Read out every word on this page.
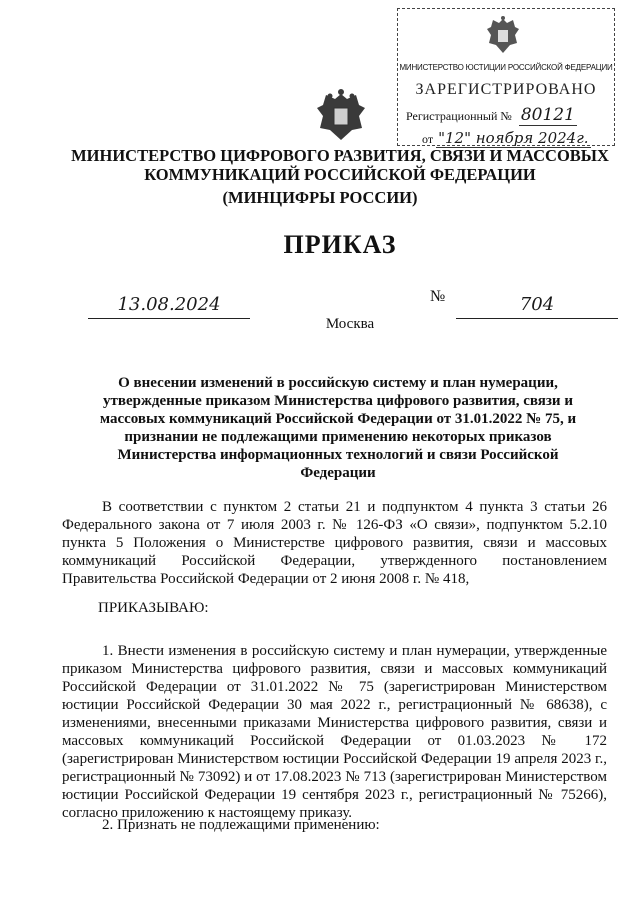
МИНИСТЕРСТВО ЮСТИЦИИ РОССИЙСКОЙ ФЕДЕРАЦИИ
ЗАРЕГИСТРИРОВАНО
Регистрационный № 80121
от "12" ноября 2024г.
МИНИСТЕРСТВО ЦИФРОВОГО РАЗВИТИЯ, СВЯЗИ И МАССОВЫХ
КОММУНИКАЦИЙ РОССИЙСКОЙ ФЕДЕРАЦИИ
(МИНЦИФРЫ РОССИИ)
ПРИКАЗ
13.08.2024	№	704
Москва
О внесении изменений в российскую систему и план нумерации, утвержденные приказом Министерства цифрового развития, связи и массовых коммуникаций Российской Федерации от 31.01.2022 № 75, и признании не подлежащими применению некоторых приказов Министерства информационных технологий и связи Российской Федерации

В соответствии с пунктом 2 статьи 21 и подпунктом 4 пункта 3 статьи 26 Федерального закона от 7 июля 2003 г. № 126-ФЗ «О связи», подпунктом 5.2.10 пункта 5 Положения о Министерстве цифрового развития, связи и массовых коммуникаций Российской Федерации, утвержденного постановлением Правительства Российской Федерации от 2 июня 2008 г. № 418,

ПРИКАЗЫВАЮ:

1. Внести изменения в российскую систему и план нумерации, утвержденные приказом Министерства цифрового развития, связи и массовых коммуникаций Российской Федерации от 31.01.2022 № 75 (зарегистрирован Министерством юстиции Российской Федерации 30 мая 2022 г., регистрационный № 68638), с изменениями, внесенными приказами Министерства цифрового развития, связи и массовых коммуникаций Российской Федерации от 01.03.2023 № 172 (зарегистрирован Министерством юстиции Российской Федерации 19 апреля 2023 г., регистрационный № 73092) и от 17.08.2023 № 713 (зарегистрирован Министерством юстиции Российской Федерации 19 сентября 2023 г., регистрационный № 75266), согласно приложению к настоящему приказу.

2. Признать не подлежащими применению:
